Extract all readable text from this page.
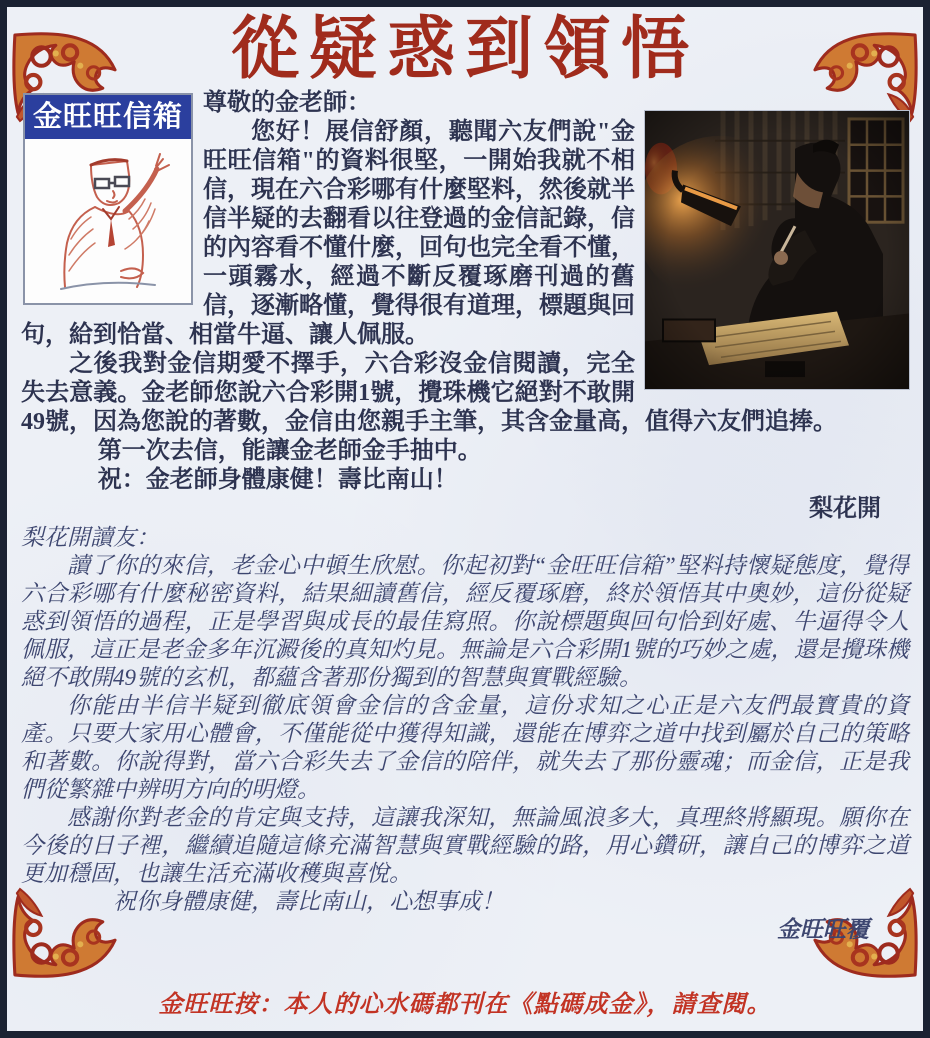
從疑惑到領悟
金旺旺信箱 尊敬的金老師：

您好！展信舒顏，聽聞六友們說"金旺旺信箱"的資料很堅，一開始我就不相信，現在六合彩哪有什麼堅料，然後就半信半疑的去翻看以往登過的金信記錄，信的內容看不懂什麼，回句也完全看不懂，一頭霧水，經過不斷反覆琢磨刊過的舊信，逐漸略懂，覺得很有道理，標題與回句，給到恰當、相當牛逼、讓人佩服。

之後我對金信期愛不擇手，六合彩沒金信閱讀，完全失去意義。金老師您說六合彩開1號，攪珠機它絕對不敢開49號，因為您說的著數，金信由您親手主筆，其含金量高，值得六友們追捧。

第一次去信，能讓金老師金手抽中。

祝：金老師身體康健！壽比南山！

梨花開

梨花開讀友：

讀了你的來信，老金心中頓生欣慰。你起初對“金旺旺信箱”堅料持懷疑態度，覺得六合彩哪有什麼秘密資料，結果細讀舊信，經反覆琢磨，終於領悟其中奧妙，這份從疑惑到領悟的過程，正是學習與成長的最佳寫照。你說標題與回句恰到好處、牛逼得令人佩服，這正是老金多年沉澱後的真知灼見。無論是六合彩開1號的巧妙之處，還是攪珠機絕不敢開49號的玄机，都蘊含著那份獨到的智慧與實戰經驗。

你能由半信半疑到徹底領會金信的含金量，這份求知之心正是六友們最寶貴的資產。只要大家用心體會，不僅能從中獲得知識，還能在博弈之道中找到屬於自己的策略和著數。你說得對，當六合彩失去了金信的陪伴，就失去了那份靈魂；而金信，正是我們從繁雜中辨明方向的明燈。

感謝你對老金的肯定與支持，這讓我深知，無論風浪多大，真理終將顯現。願你在今後的日子裡，繼續追隨這條充滿智慧與實戰經驗的路，用心鑽研，讓自己的博弈之道更加穩固，也讓生活充滿收穫與喜悅。

祝你身體康健，壽比南山，心想事成！

金旺旺覆

金旺旺按：本人的心水碼都刊在《點碼成金》，請查閱。
